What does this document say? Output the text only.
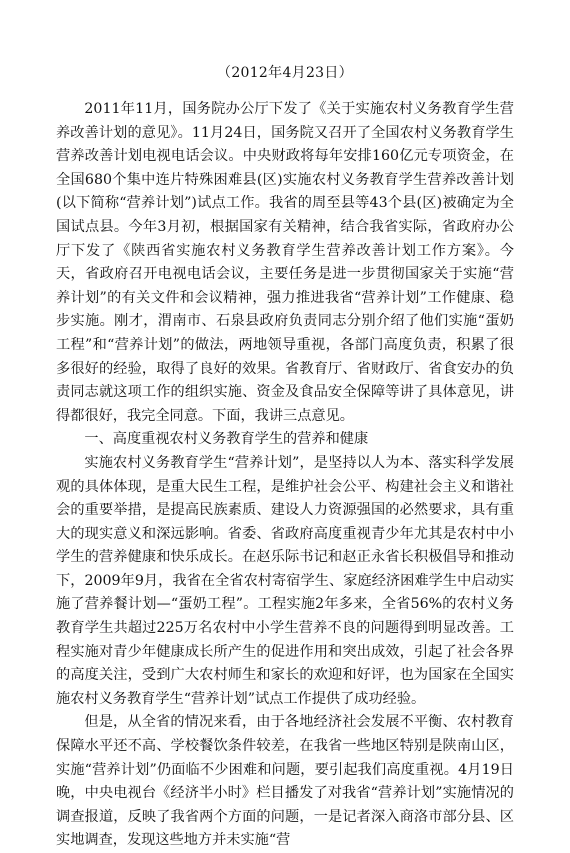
（2012年4月23日）

2011年11月，国务院办公厅下发了《关于实施农村义务教育学生营养改善计划的意见》。11月24日，国务院又召开了全国农村义务教育学生营养改善计划电视电话会议。中央财政将每年安排160亿元专项资金，在全国680个集中连片特殊困难县(区)实施农村义务教育学生营养改善计划(以下简称“营养计划”)试点工作。我省的周至县等43个县(区)被确定为全国试点县。今年3月初，根据国家有关精神，结合我省实际，省政府办公厅下发了《陕西省实施农村义务教育学生营养改善计划工作方案》。今天，省政府召开电视电话会议，主要任务是进一步贯彻国家关于实施“营养计划”的有关文件和会议精神，强力推进我省“营养计划”工作健康、稳步实施。刚才，渭南市、石泉县政府负责同志分别介绍了他们实施“蛋奶工程”和“营养计划”的做法，两地领导重视，各部门高度负责，积累了很多很好的经验，取得了良好的效果。省教育厅、省财政厅、省食安办的负责同志就这项工作的组织实施、资金及食品安全保障等讲了具体意见，讲得都很好，我完全同意。下面，我讲三点意见。

一、高度重视农村义务教育学生的营养和健康

实施农村义务教育学生“营养计划”，是坚持以人为本、落实科学发展观的具体体现，是重大民生工程，是维护社会公平、构建社会主义和谐社会的重要举措，是提高民族素质、建设人力资源强国的必然要求，具有重大的现实意义和深远影响。省委、省政府高度重视青少年尤其是农村中小学生的营养健康和快乐成长。在赵乐际书记和赵正永省长积极倡导和推动下，2009年9月，我省在全省农村寄宿学生、家庭经济困难学生中启动实施了营养餐计划—“蛋奶工程”。工程实施2年多来，全省56%的农村义务教育学生共超过225万名农村中小学生营养不良的问题得到明显改善。工程实施对青少年健康成长所产生的促进作用和突出成效，引起了社会各界的高度关注，受到广大农村师生和家长的欢迎和好评，也为国家在全国实施农村义务教育学生“营养计划”试点工作提供了成功经验。

但是，从全省的情况来看，由于各地经济社会发展不平衡、农村教育保障水平还不高、学校餐饮条件较差，在我省一些地区特别是陕南山区，实施“营养计划”仍面临不少困难和问题，要引起我们高度重视。4月19日晚，中央电视台《经济半小时》栏目播发了对我省“营养计划”实施情况的调查报道，反映了我省两个方面的问题，一是记者深入商洛市部分县、区实地调查，发现这些地方并未实施“营
